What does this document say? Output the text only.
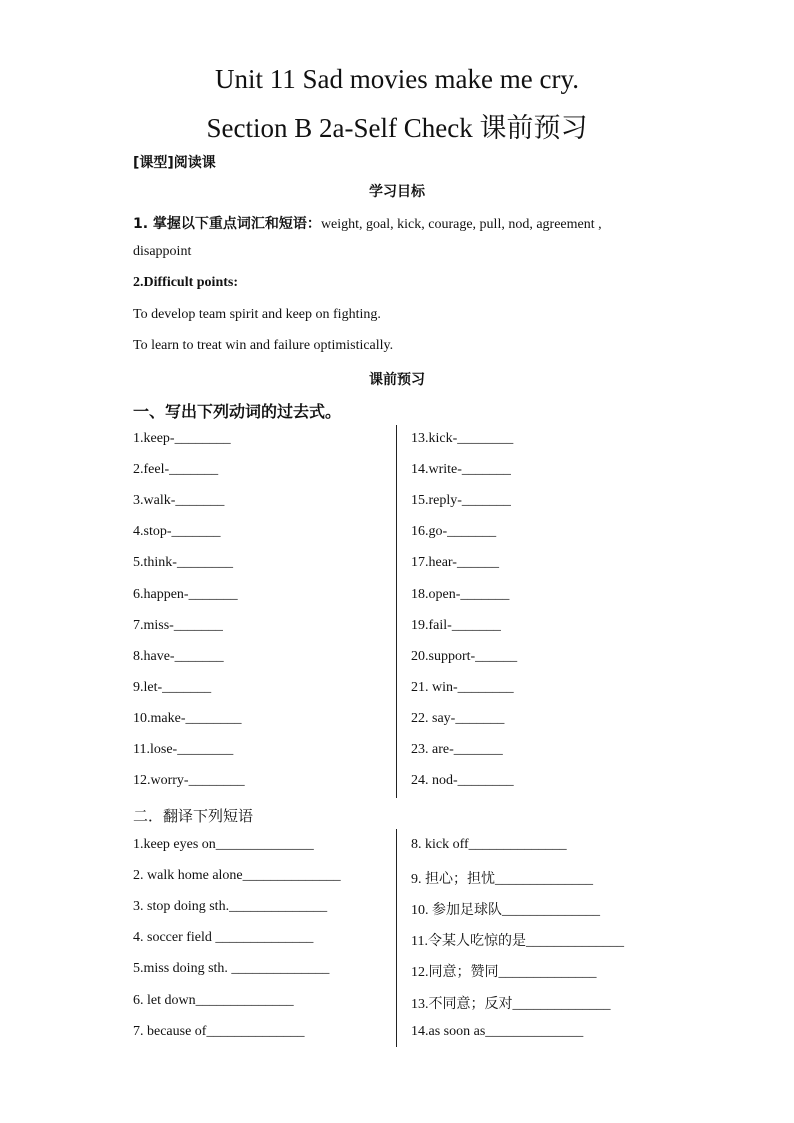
Unit 11 Sad movies make me cry.
Section B 2a-Self Check 课前预习
[课型]阅读课
学习目标
1. 掌握以下重点词汇和短语：weight, goal, kick, courage, pull, nod, agreement ,
disappoint
2.Difficult points:
To develop team spirit and keep on fighting.
To learn to treat win and failure optimistically.
课前预习
一、写出下列动词的过去式。
1.keep-________
2.feel-_______
3.walk-_______
4.stop-_______
5.think-________
6.happen-_______
7.miss-_______
8.have-_______
9.let-_______
10.make-________
11.lose-________
12.worry-________
13.kick-________
14.write-_______
15.reply-_______
16.go-_______
17.hear-______
18.open-_______
19.fail-_______
20.support-______
21. win-________
22. say-_______
23. are-_______
24. nod-________
二．翻译下列短语
1.keep eyes on______________
2. walk home alone______________
3. stop doing sth.______________
4. soccer field ______________
5.miss doing sth. ______________
6. let down______________
7. because of______________
8. kick off______________
9. 担心；担忧______________
10. 参加足球队______________
11.令某人吃惊的是______________
12.同意；赞同______________
13.不同意；反对______________
14.as soon as______________
